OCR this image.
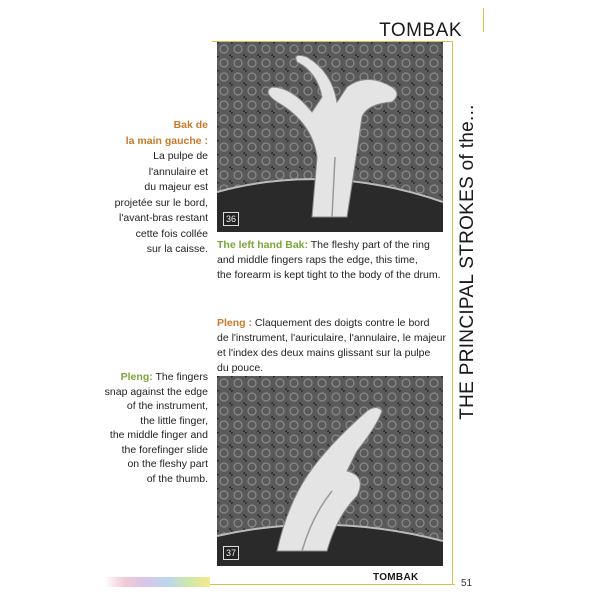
TOMBAK
THE PRINCIPAL STROKES of the...
Bak de
la main gauche :
La pulpe de
l'annulaire et
du majeur est
projetée sur le bord,
l'avant-bras restant
cette fois collée
sur la caisse.
36
The left hand Bak: The fleshy part of the ring
and middle fingers raps the edge, this time,
the forearm is kept tight to the body of the drum.
Pleng : Claquement des doigts contre le bord
de l'instrument, l'auriculaire, l'annulaire, le majeur
et l'index des deux mains glissant sur la pulpe
du pouce.
Pleng: The fingers
snap against the edge
of the instrument,
the little finger,
the middle finger and
the forefinger slide
on the fleshy part
of the thumb.
37
TOMBAK
51
